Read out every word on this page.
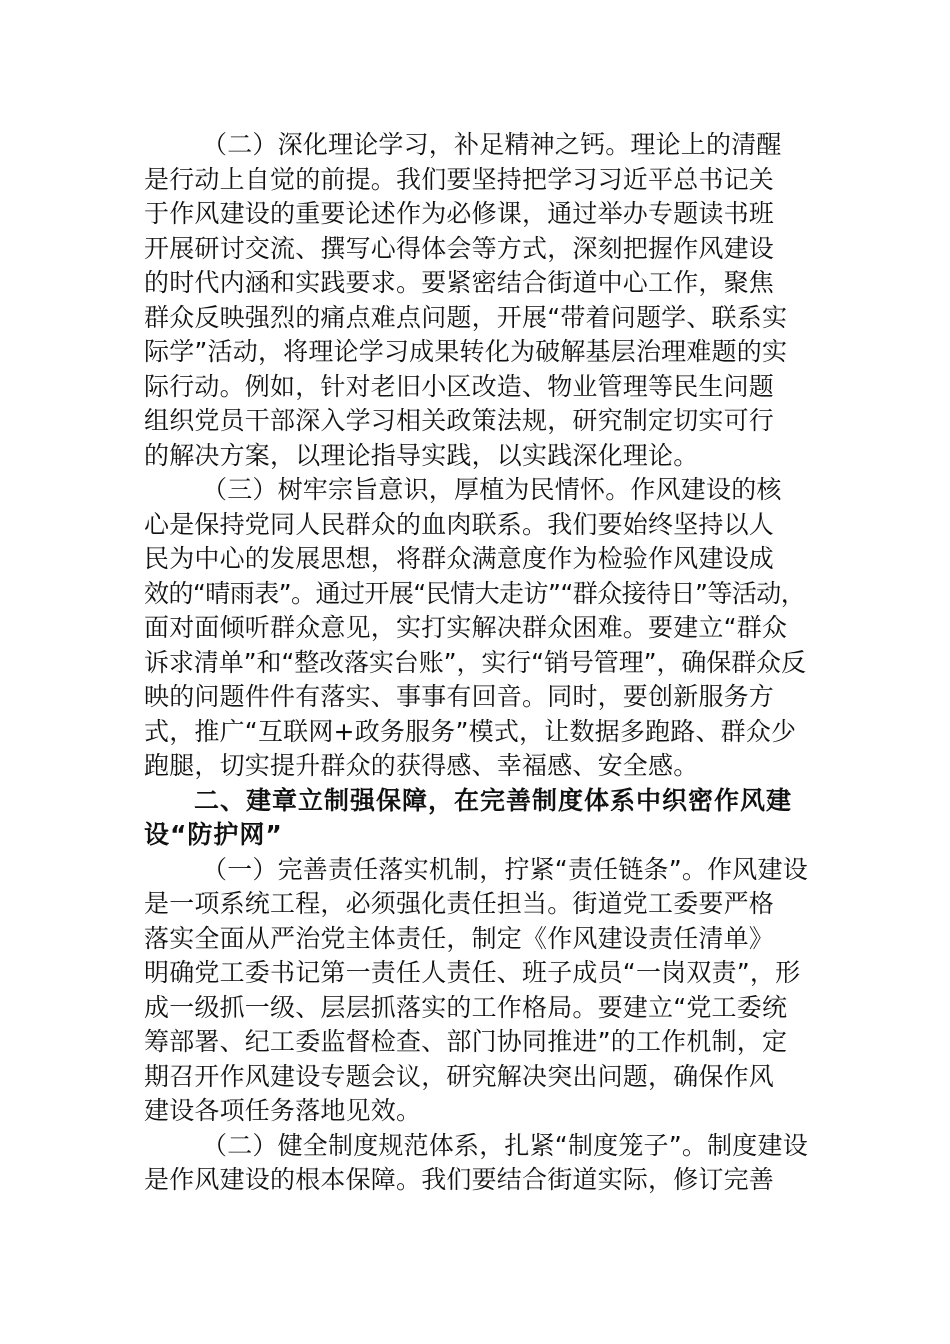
（二）深化理论学习，补足精神之钙。理论上的清醒
是行动上自觉的前提。我们要坚持把学习习近平总书记关
于作风建设的重要论述作为必修课，通过举办专题读书班
开展研讨交流、撰写心得体会等方式，深刻把握作风建设
的时代内涵和实践要求。要紧密结合街道中心工作，聚焦
群众反映强烈的痛点难点问题，开展“带着问题学、联系实
际学”活动，将理论学习成果转化为破解基层治理难题的实
际行动。例如，针对老旧小区改造、物业管理等民生问题
组织党员干部深入学习相关政策法规，研究制定切实可行
的解决方案，以理论指导实践，以实践深化理论。
（三）树牢宗旨意识，厚植为民情怀。作风建设的核
心是保持党同人民群众的血肉联系。我们要始终坚持以人
民为中心的发展思想，将群众满意度作为检验作风建设成
效的“晴雨表”。通过开展“民情大走访”“群众接待日”等活动，
面对面倾听群众意见，实打实解决群众困难。要建立“群众
诉求清单”和“整改落实台账”，实行“销号管理”，确保群众反
映的问题件件有落实、事事有回音。同时，要创新服务方
式，推广“互联网+政务服务”模式，让数据多跑路、群众少
跑腿，切实提升群众的获得感、幸福感、安全感。
二、建章立制强保障，在完善制度体系中织密作风建
设“防护网”
（一）完善责任落实机制，拧紧“责任链条”。作风建设
是一项系统工程，必须强化责任担当。街道党工委要严格
落实全面从严治党主体责任，制定《作风建设责任清单》
明确党工委书记第一责任人责任、班子成员“一岗双责”，形
成一级抓一级、层层抓落实的工作格局。要建立“党工委统
筹部署、纪工委监督检查、部门协同推进”的工作机制，定
期召开作风建设专题会议，研究解决突出问题，确保作风
建设各项任务落地见效。
（二）健全制度规范体系，扎紧“制度笼子”。制度建设
是作风建设的根本保障。我们要结合街道实际，修订完善
